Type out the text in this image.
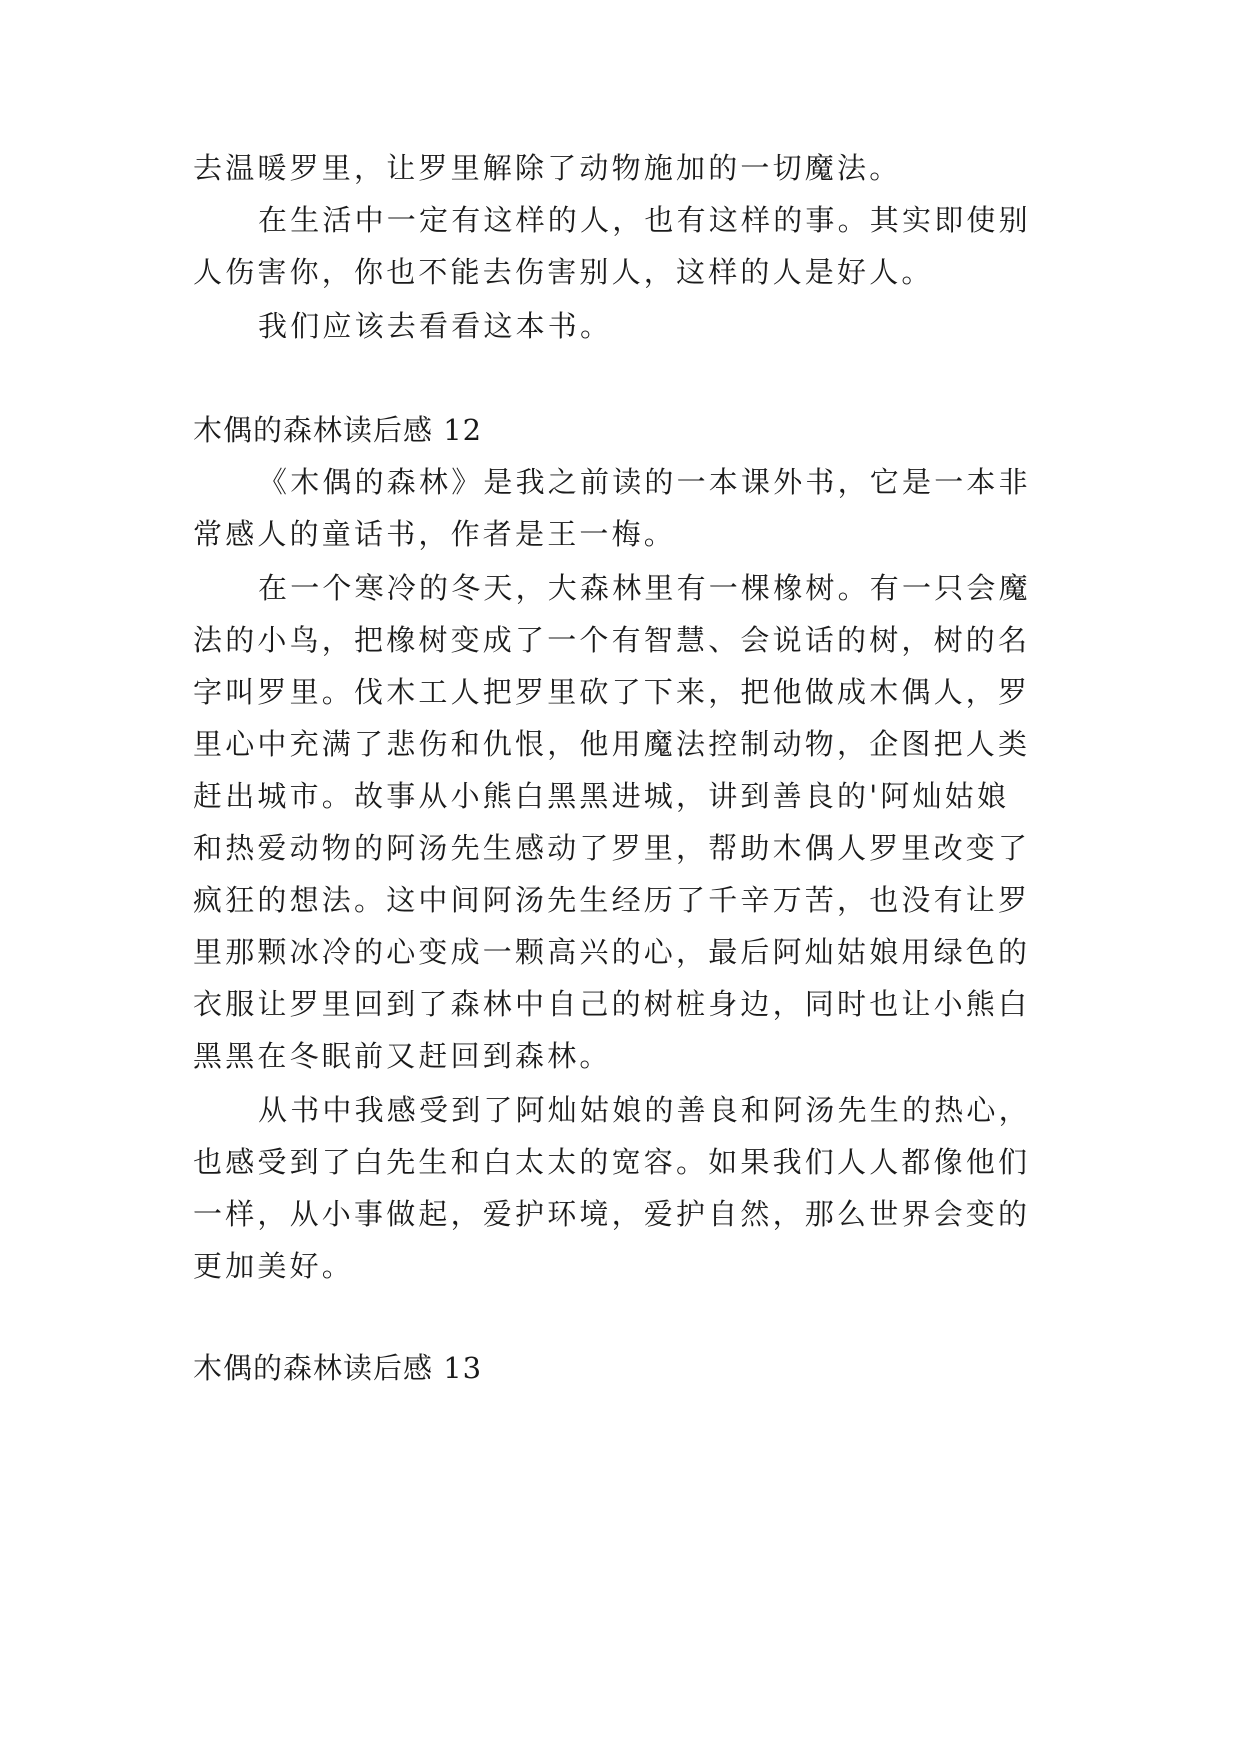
去温暖罗里，让罗里解除了动物施加的一切魔法。
在生活中一定有这样的人，也有这样的事。其实即使别
人伤害你，你也不能去伤害别人，这样的人是好人。
我们应该去看看这本书。
木偶的森林读后感 12
《木偶的森林》是我之前读的一本课外书，它是一本非
常感人的童话书，作者是王一梅。
在一个寒冷的冬天，大森林里有一棵橡树。有一只会魔
法的小鸟，把橡树变成了一个有智慧、会说话的树，树的名
字叫罗里。伐木工人把罗里砍了下来，把他做成木偶人，罗
里心中充满了悲伤和仇恨，他用魔法控制动物，企图把人类
赶出城市。故事从小熊白黑黑进城，讲到善良的'阿灿姑娘
和热爱动物的阿汤先生感动了罗里，帮助木偶人罗里改变了
疯狂的想法。这中间阿汤先生经历了千辛万苦，也没有让罗
里那颗冰冷的心变成一颗高兴的心，最后阿灿姑娘用绿色的
衣服让罗里回到了森林中自己的树桩身边，同时也让小熊白
黑黑在冬眠前又赶回到森林。
从书中我感受到了阿灿姑娘的善良和阿汤先生的热心，
也感受到了白先生和白太太的宽容。如果我们人人都像他们
一样，从小事做起，爱护环境，爱护自然，那么世界会变的
更加美好。
木偶的森林读后感 13
